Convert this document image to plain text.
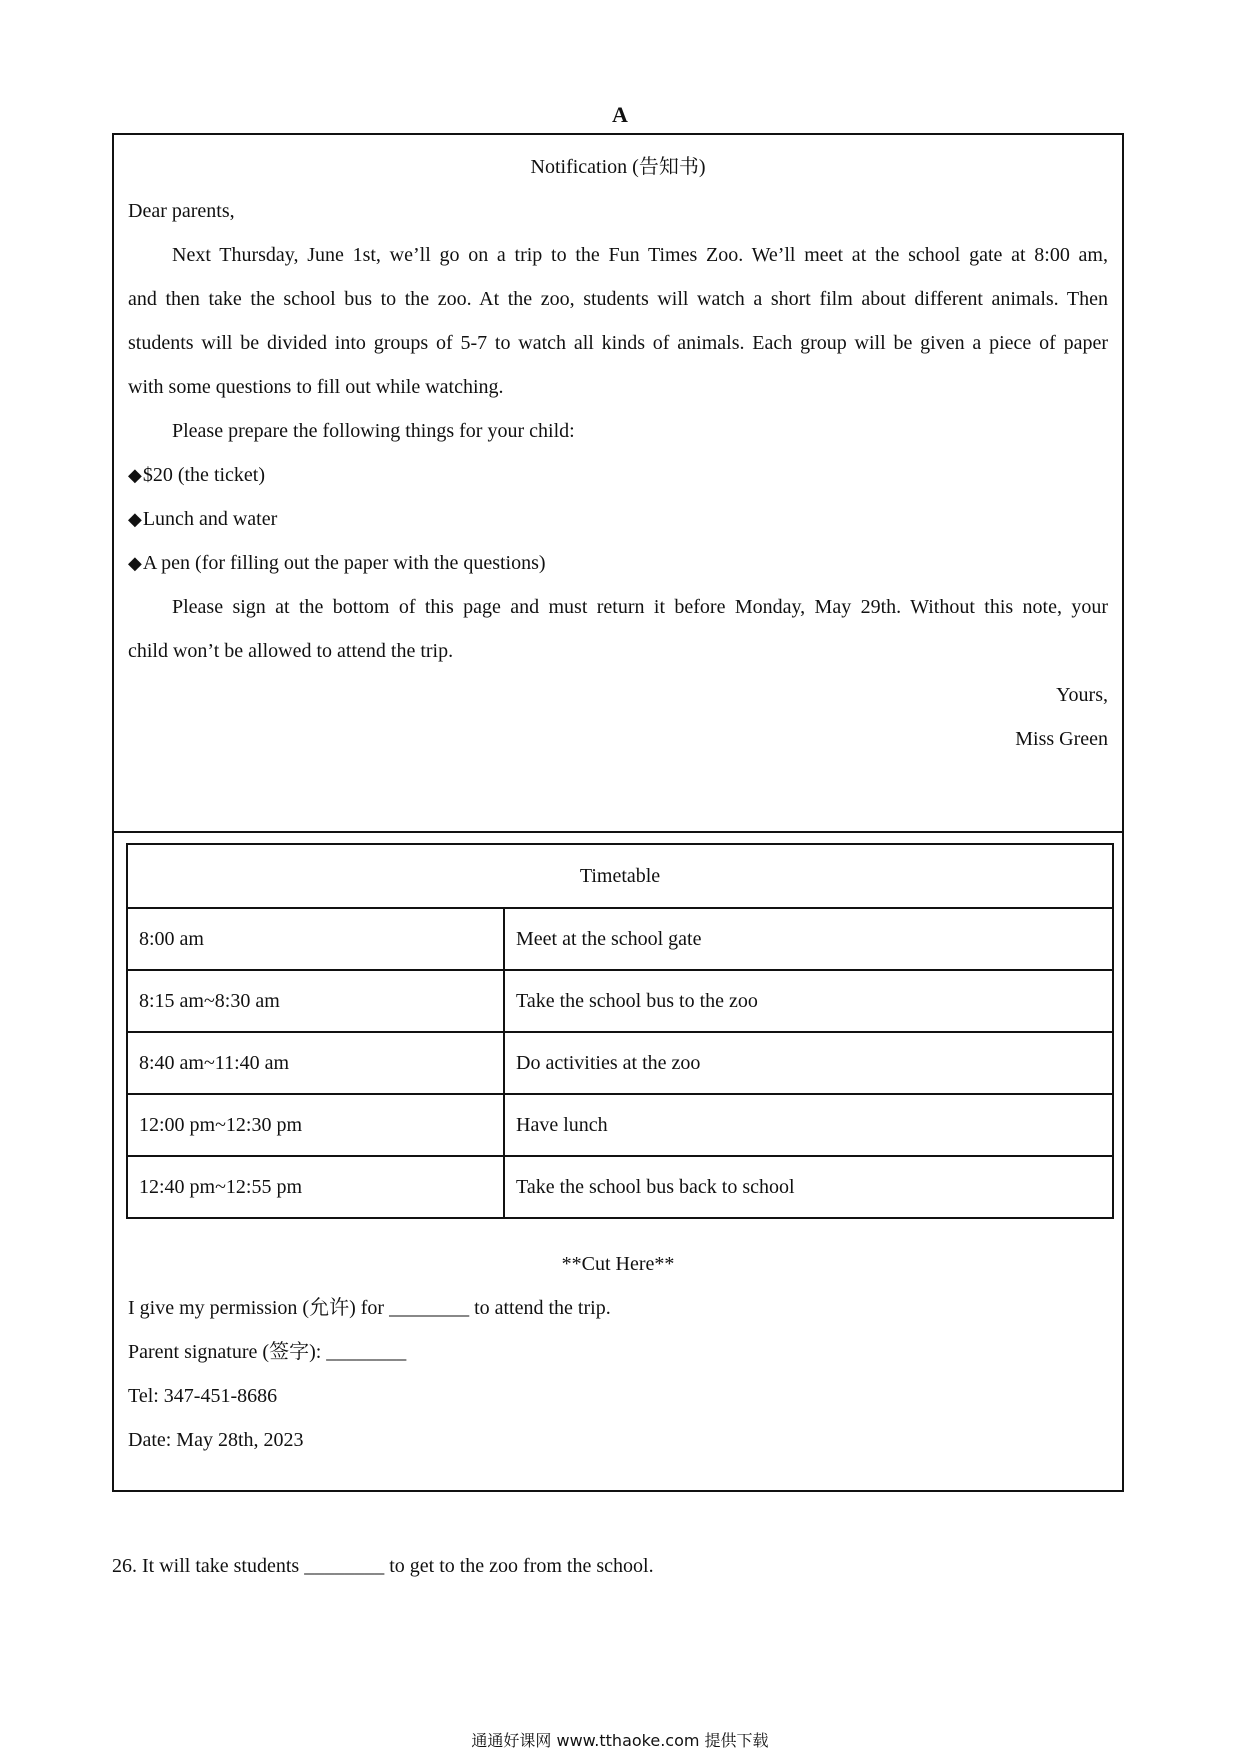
A
Notification (告知书)
Dear parents,
Next Thursday, June 1st, we’ll go on a trip to the Fun Times Zoo. We’ll meet at the school gate at 8:00 am,
and then take the school bus to the zoo. At the zoo, students will watch a short film about different animals. Then
students will be divided into groups of 5-7 to watch all kinds of animals. Each group will be given a piece of paper
with some questions to fill out while watching.
Please prepare the following things for your child:
◆$20 (the ticket)
◆Lunch and water
◆A pen (for filling out the paper with the questions)
Please sign at the bottom of this page and must return it before Monday, May 29th. Without this note, your
child won’t be allowed to attend the trip.
Yours,
Miss Green
Timetable	
8:00 am	Meet at the school gate
8:15 am~8:30 am	Take the school bus to the zoo
8:40 am~11:40 am	Do activities at the zoo
12:00 pm~12:30 pm	Have lunch
12:40 pm~12:55 pm	Take the school bus back to school
**Cut Here**
I give my permission (允许) for ________ to attend the trip.
Parent signature (签字): ________
Tel: 347-451-8686
Date: May 28th, 2023
26. It will take students ________ to get to the zoo from the school.
通通好课网 www.tthaoke.com 提供下载
